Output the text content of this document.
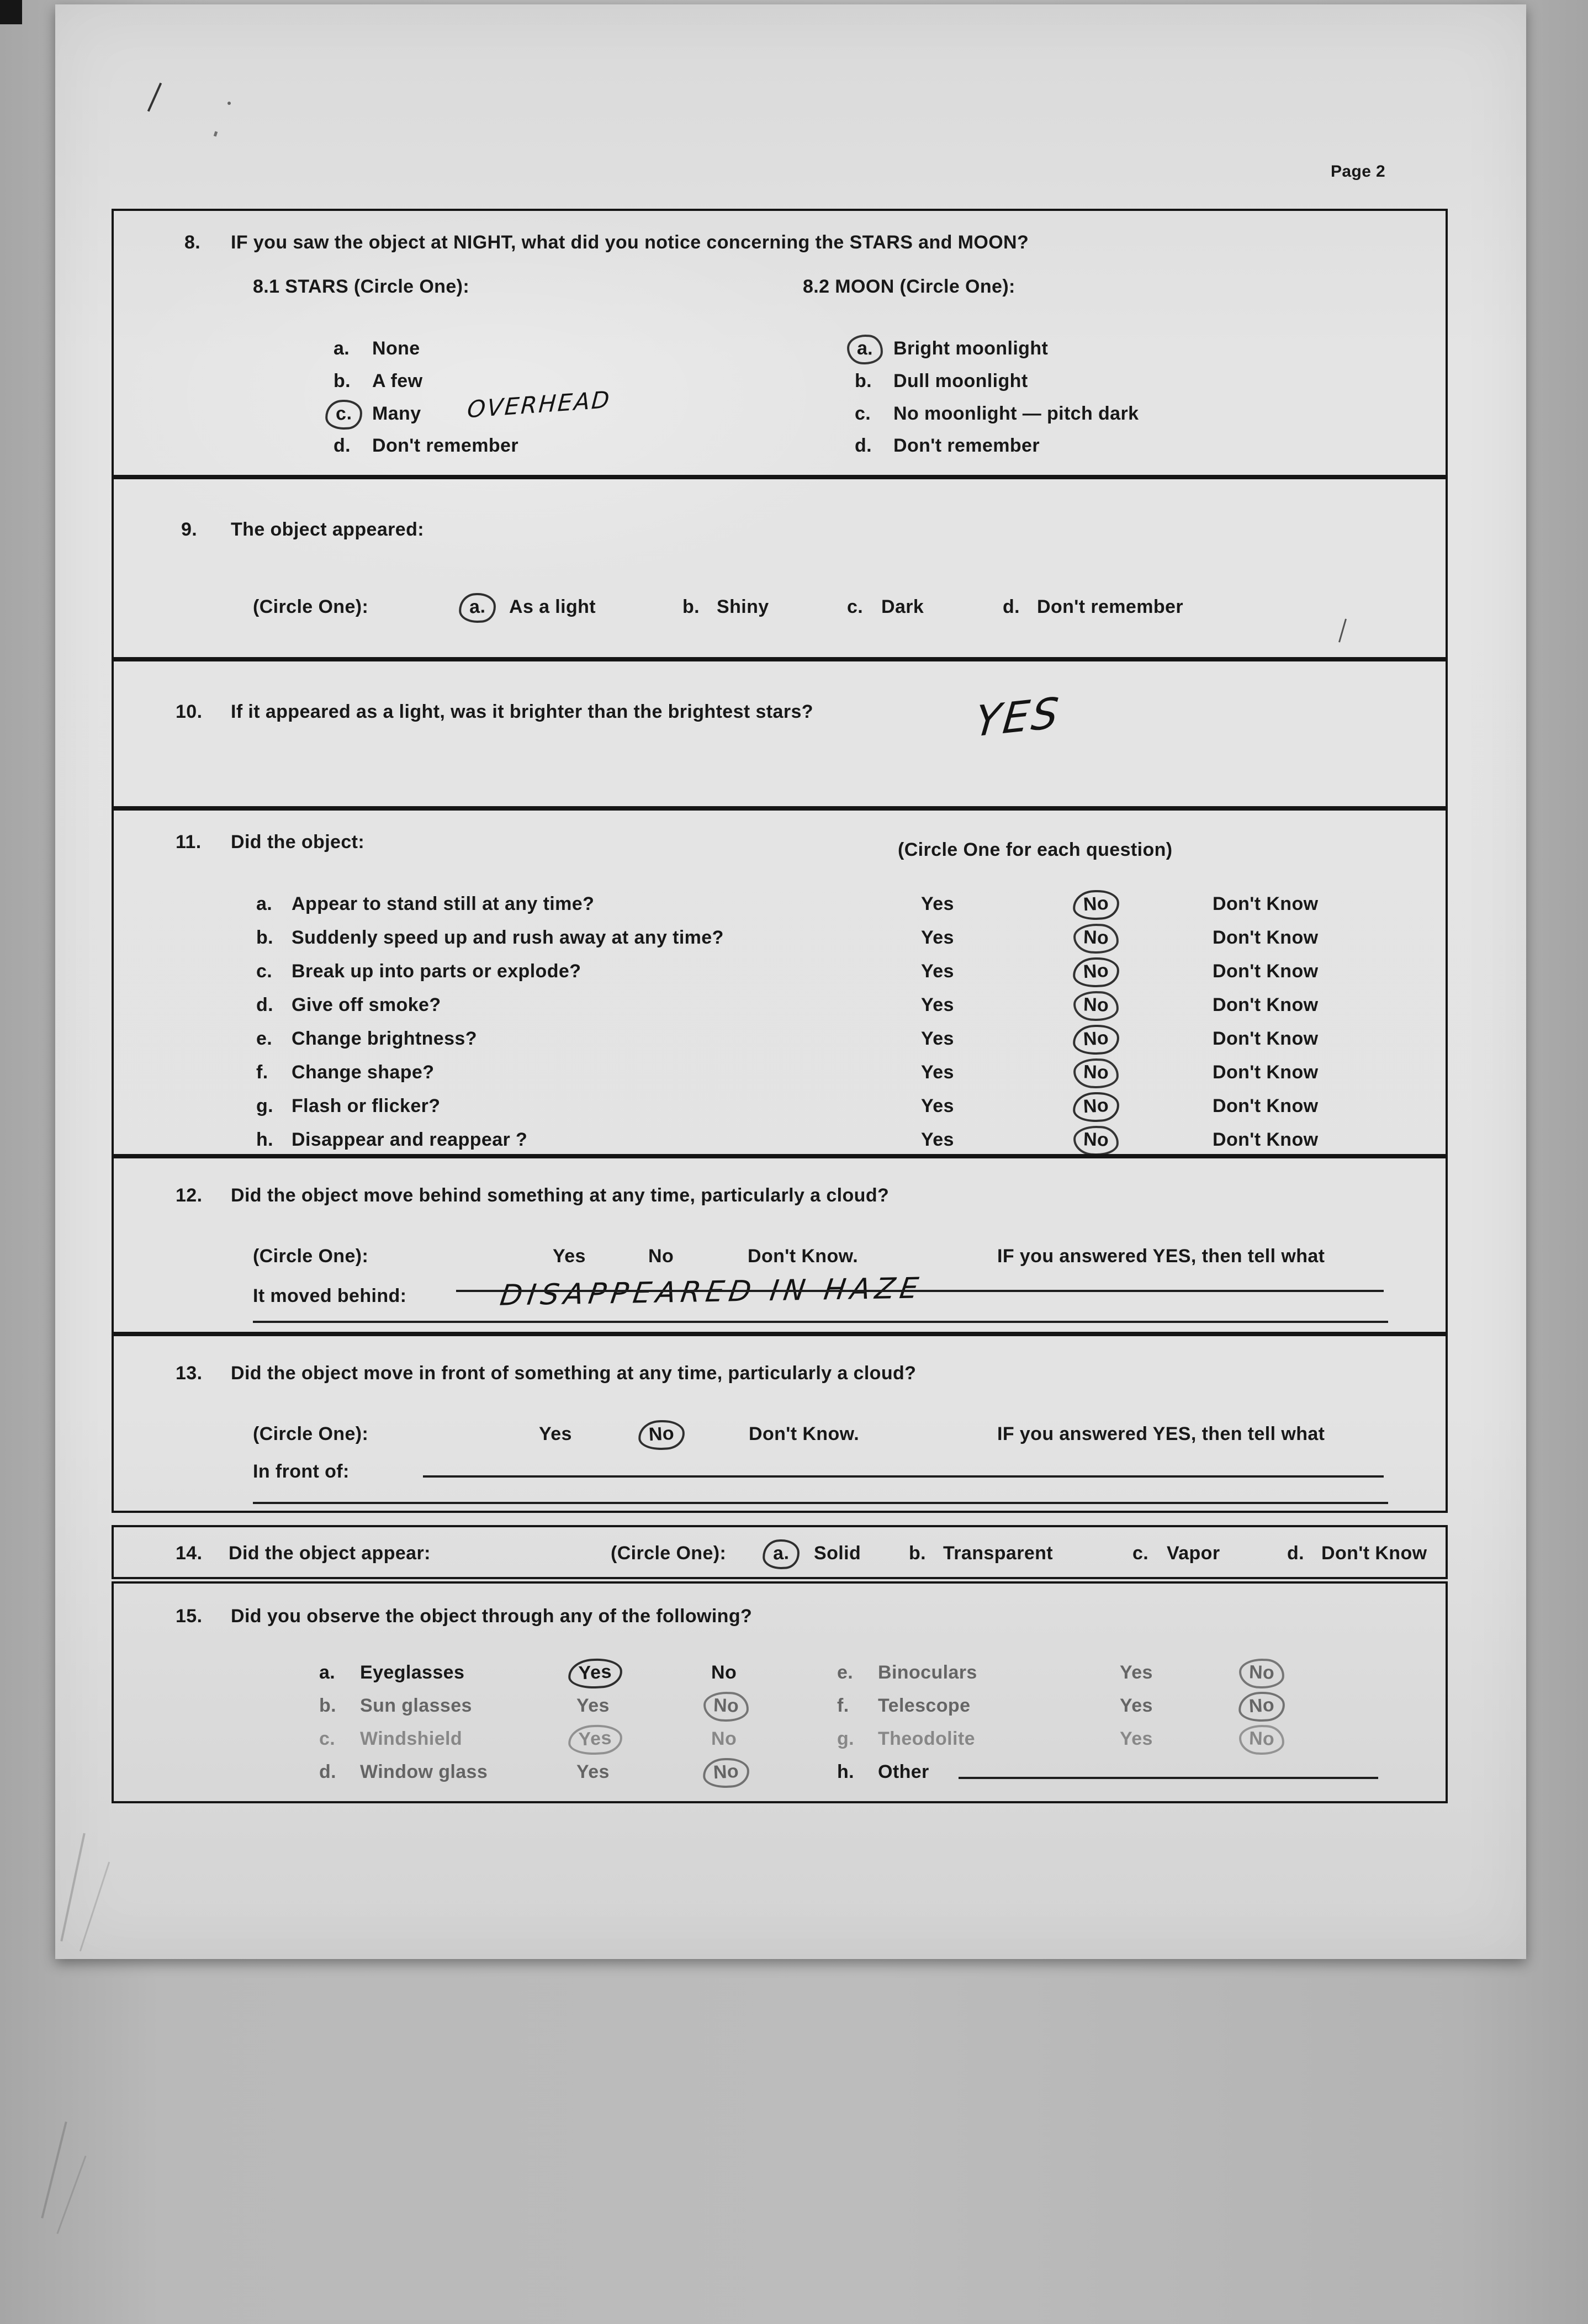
Page 2
8. IF you saw the object at NIGHT, what did you notice concerning the STARS and MOON?
8.1 STARS (Circle One):	8.2 MOON (Circle One):
a. None
b. A few
c.	Many OVERHEAD
d. Don't remember
a.	Bright moonlight
b. Dull moonlight
c. No moonlight — pitch dark
d. Don't remember
9. The object appeared:
(Circle One):	a.	As a light	b. Shiny	c. Dark	d. Don't remember
10. If it appeared as a light, was it brighter than the brightest stars?	YES
11. Did the object:	(Circle One for each question)
a. Appear to stand still at any time?	Yes	No	Don't Know
b. Suddenly speed up and rush away at any time?	Yes	No	Don't Know
c. Break up into parts or explode?	Yes	No	Don't Know
d. Give off smoke?	Yes	No	Don't Know
e. Change brightness?	Yes	No	Don't Know
f. Change shape?	Yes	No	Don't Know
g. Flash or flicker?	Yes	No	Don't Know
h. Disappear and reappear ?	Yes	No	Don't Know
12. Did the object move behind something at any time, particularly a cloud?
(Circle One):	Yes	No	Don't Know.	IF you answered YES, then tell what
It moved behind:	DISAPPEARED IN HAZE
13. Did the object move in front of something at any time, particularly a cloud?
(Circle One):	Yes	No	Don't Know.	IF you answered YES, then tell what
In front of:
14. Did the object appear:	(Circle One):	a.	Solid	b. Transparent	c. Vapor	d. Don't Know
15. Did you observe the object through any of the following?
a. Eyeglasses	Yes	No
b. Sun glasses	Yes	No
c. Windshield	Yes	No
d. Window glass	Yes	No
e. Binoculars	Yes	No
f. Telescope	Yes	No
g. Theodolite	Yes	No
h. Other
